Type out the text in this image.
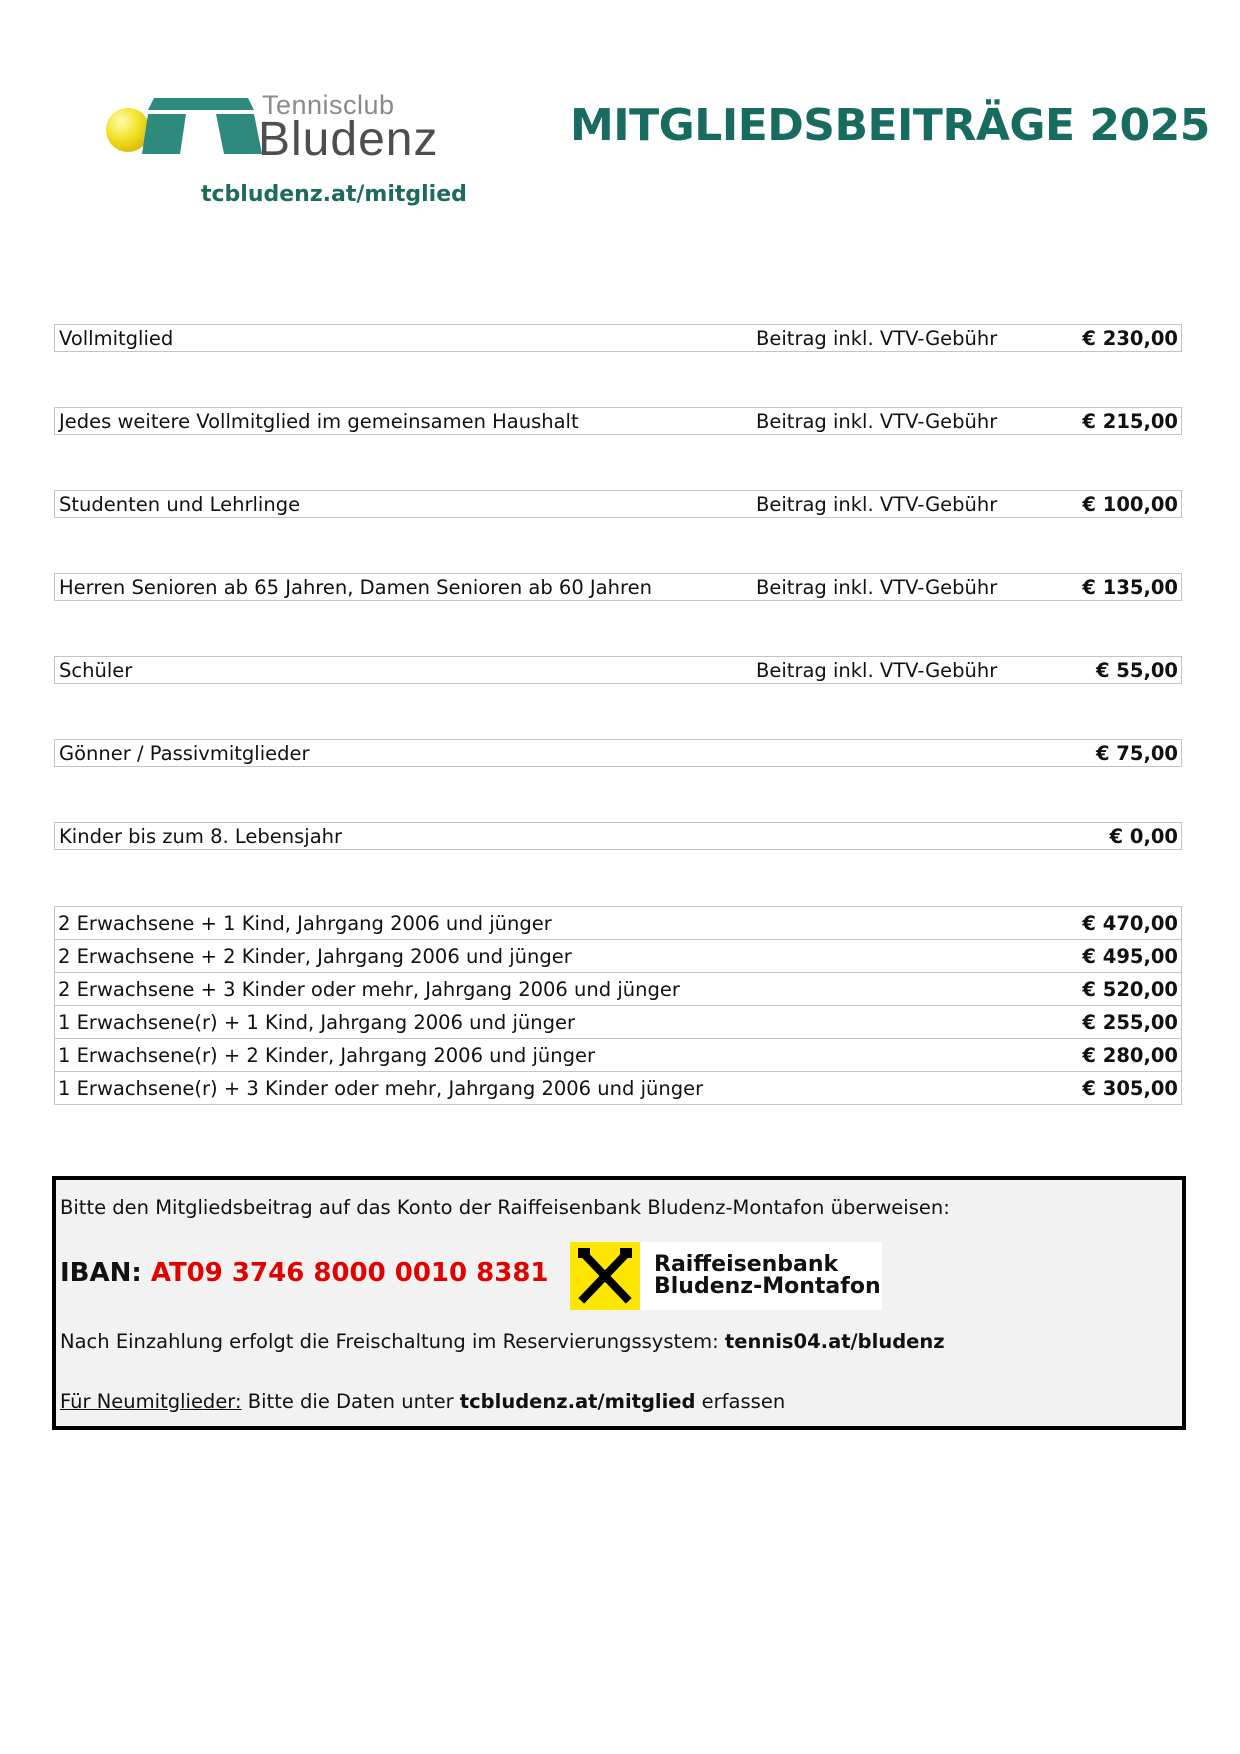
Tennisclub
Bludenz
tcbludenz.at/mitglied
MITGLIEDSBEITRÄGE 2025
Vollmitglied	Beitrag inkl. VTV-Gebühr	€ 230,00
Jedes weitere Vollmitglied im gemeinsamen Haushalt	Beitrag inkl. VTV-Gebühr	€ 215,00
Studenten und Lehrlinge	Beitrag inkl. VTV-Gebühr	€ 100,00
Herren Senioren ab 65 Jahren, Damen Senioren ab 60 Jahren	Beitrag inkl. VTV-Gebühr	€ 135,00
Schüler	Beitrag inkl. VTV-Gebühr	€ 55,00
Gönner / Passivmitglieder	€ 75,00
Kinder bis zum 8. Lebensjahr	€ 0,00
2 Erwachsene + 1 Kind, Jahrgang 2006 und jünger	€ 470,00
2 Erwachsene + 2 Kinder, Jahrgang 2006 und jünger	€ 495,00
2 Erwachsene + 3 Kinder oder mehr, Jahrgang 2006 und jünger	€ 520,00
1 Erwachsene(r) + 1 Kind, Jahrgang 2006 und jünger	€ 255,00
1 Erwachsene(r) + 2 Kinder, Jahrgang 2006 und jünger	€ 280,00
1 Erwachsene(r) + 3 Kinder oder mehr, Jahrgang 2006 und jünger	€ 305,00
Bitte den Mitgliedsbeitrag auf das Konto der Raiffeisenbank Bludenz-Montafon überweisen:
IBAN: AT09 3746 8000 0010 8381	Raiffeisenbank
Bludenz-Montafon
Nach Einzahlung erfolgt die Freischaltung im Reservierungssystem: tennis04.at/bludenz
Für Neumitglieder: Bitte die Daten unter tcbludenz.at/mitglied erfassen
